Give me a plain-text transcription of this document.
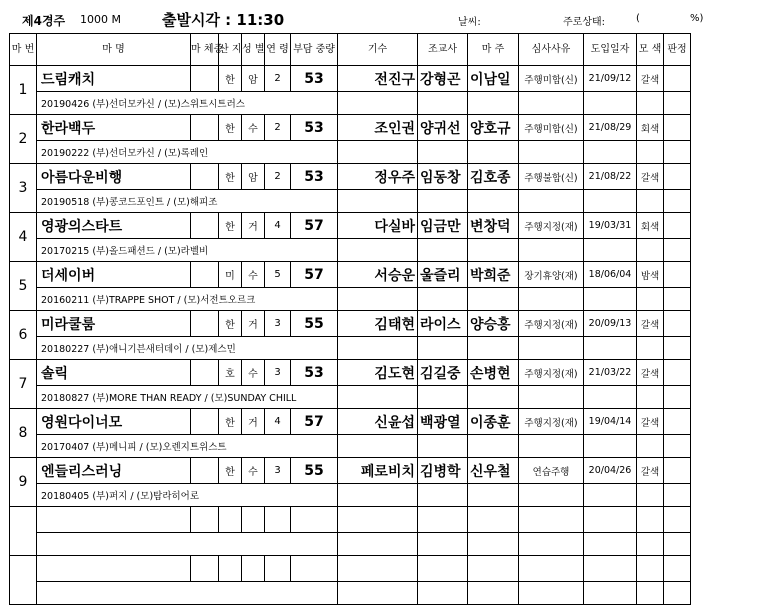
제4경주 1000 M	출발시각 : 11:30	날씨:	주로상태:	(	%)
마 번	마 명	마 체중	산 지	성 별	연 령	부담 중량	기수	조교사	마 주	심사사유	도입일자	모 색	판정
1	드림캐치		한	암	2	53	전진구	강형곤	이남일	주행미합(신)	21/09/12	갈색	
	20190426 (부)선더모카신 / (모)스위트시트러스												
2	한라백두		한	수	2	53	조인권	양귀선	양호규	주행미합(신)	21/08/29	회색	
	20190222 (부)선더모카신 / (모)록레인												
3	아름다운비행		한	암	2	53	정우주	임동창	김호종	주행불합(신)	21/08/22	갈색	
	20190518 (부)콩코드포인트 / (모)해피조												
4	영광의스타트		한	거	4	57	다실바	임금만	변창덕	주행지정(재)	19/03/31	회색	
	20170215 (부)올드패션드 / (모)라벨비												
5	더세이버		미	수	5	57	서승운	울즐리	박희준	장기휴양(재)	18/06/04	밤색	
	20160211 (부)TRAPPE SHOT / (모)서전트오르크												
6	미라쿨룸		한	거	3	55	김태현	라이스	양승홍	주행지정(재)	20/09/13	갈색	
	20180227 (부)애니기븐새터데이 / (모)제스민												
7	솔릭		호	수	3	53	김도현	김길중	손병현	주행지정(재)	21/03/22	갈색	
	20180827 (부)MORE THAN READY / (모)SUNDAY CHILL												
8	영원다이너모		한	거	4	57	신윤섭	백광열	이종훈	주행지정(재)	19/04/14	갈색	
	20170407 (부)메니피 / (모)오렌지트위스트												
9	엔들리스러닝		한	수	3	55	페로비치	김병학	신우철	연습주행	20/04/26	갈색	
	20180405 (부)퍼지 / (모)탐라히어로												
